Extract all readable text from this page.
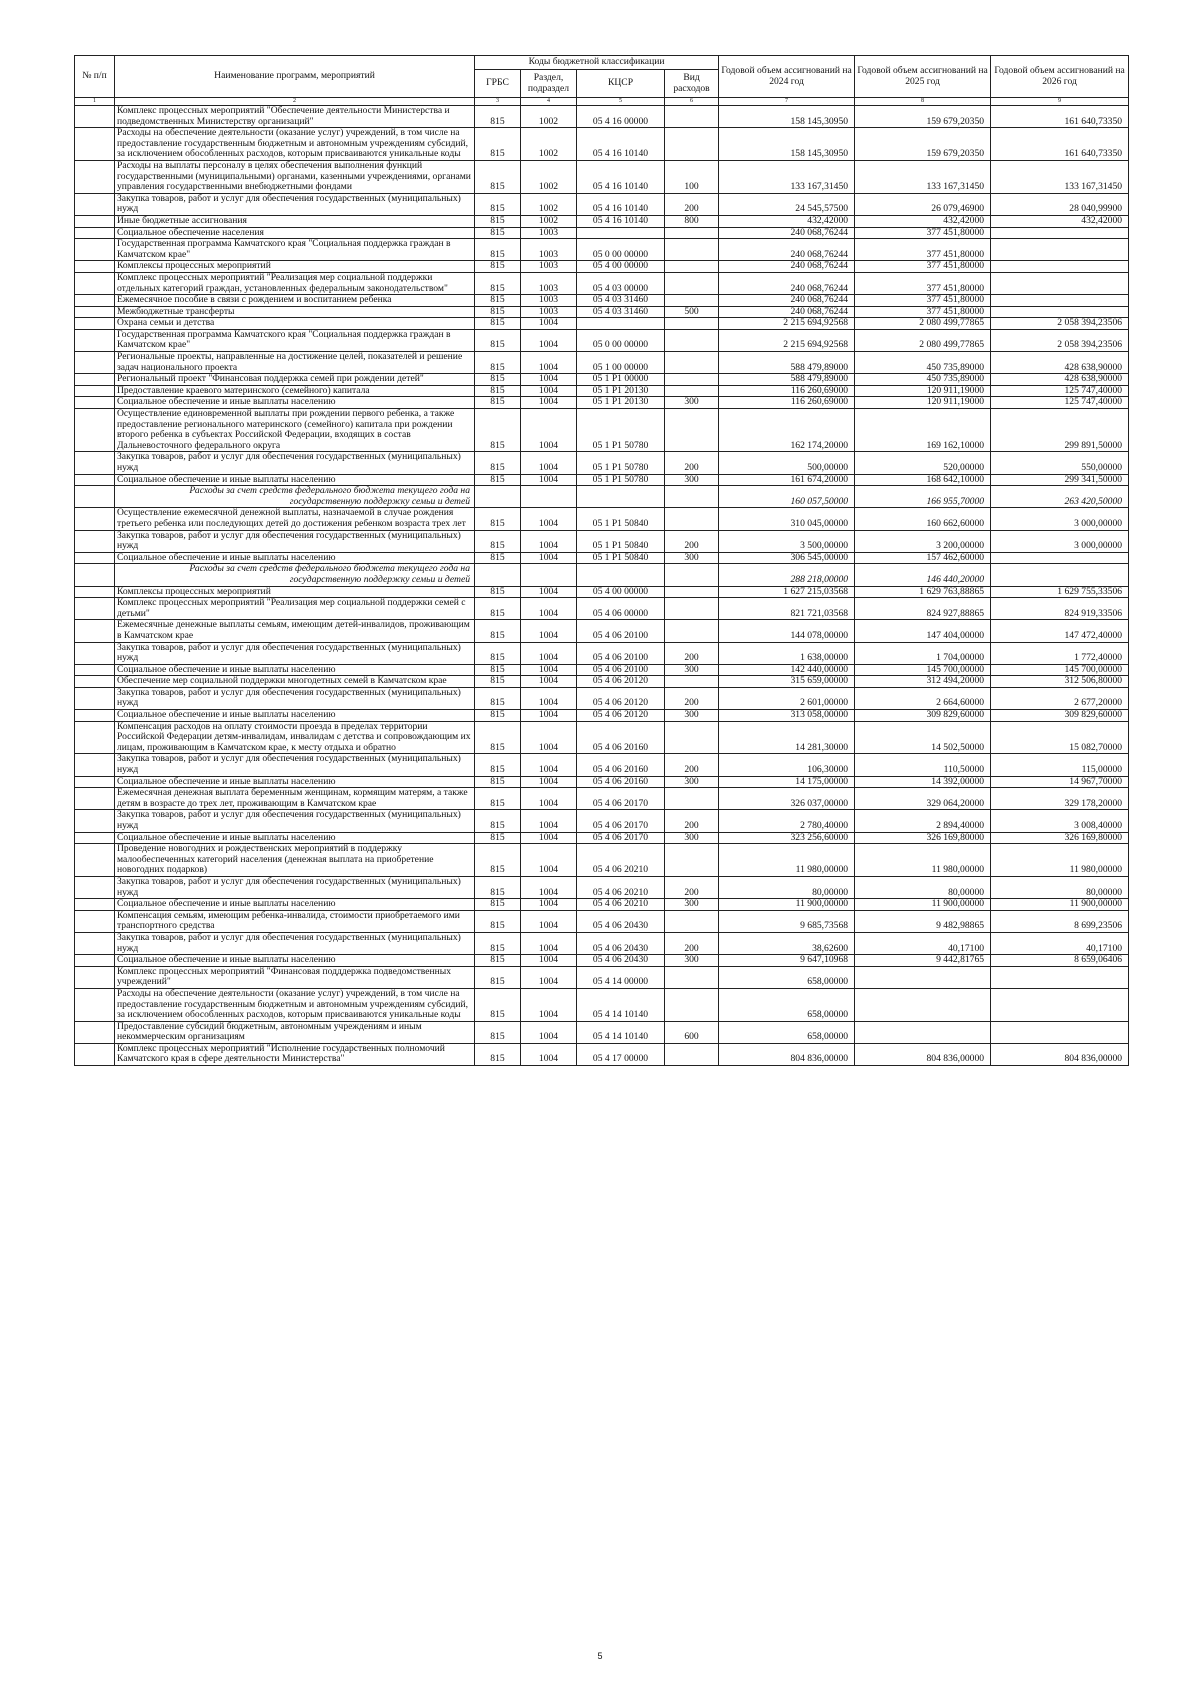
№ п/п	Наименование программ, мероприятий	Коды бюджетной классификации				Годовой объем ассигнований на 2024 год	Годовой объем ассигнований на 2025 год	Годовой объем ассигнований на 2026 год
		ГРБС	Раздел, подраздел	КЦСР	Вид расходов			
1	2	3	4	5	6	7	8	9
	Комплекс процессных мероприятий "Обеспечение деятельности Министерства и подведомственных Министерству организаций"	815	1002	05 4 16 00000		158 145,30950	159 679,20350	161 640,73350
	Расходы на обеспечение деятельности (оказание услуг) учреждений, в том числе на предоставление государственным бюджетным и автономным учреждениям субсидий, за исключением обособленных расходов, которым присваиваются уникальные коды	815	1002	05 4 16 10140		158 145,30950	159 679,20350	161 640,73350
	Расходы на выплаты персоналу в целях обеспечения выполнения функций государственными (муниципальными) органами, казенными учреждениями, органами управления государственными внебюджетными фондами	815	1002	05 4 16 10140	100	133 167,31450	133 167,31450	133 167,31450
	Закупка товаров, работ и услуг для обеспечения государственных (муниципальных) нужд	815	1002	05 4 16 10140	200	24 545,57500	26 079,46900	28 040,99900
	Иные бюджетные ассигнования	815	1002	05 4 16 10140	800	432,42000	432,42000	432,42000
	Социальное обеспечение населения	815	1003			240 068,76244	377 451,80000	
	Государственная программа Камчатского края "Социальная поддержка граждан в Камчатском крае"	815	1003	05 0 00 00000		240 068,76244	377 451,80000	
	Комплексы процессных мероприятий	815	1003	05 4 00 00000		240 068,76244	377 451,80000	
	Комплекс процессных мероприятий "Реализация мер социальной поддержки отдельных категорий граждан, установленных федеральным законодательством"	815	1003	05 4 03 00000		240 068,76244	377 451,80000	
	Ежемесячное пособие в связи с рождением и воспитанием ребенка	815	1003	05 4 03 31460		240 068,76244	377 451,80000	
	Межбюджетные трансферты	815	1003	05 4 03 31460	500	240 068,76244	377 451,80000	
	Охрана семьи и детства	815	1004			2 215 694,92568	2 080 499,77865	2 058 394,23506
	Государственная программа Камчатского края "Социальная поддержка граждан в Камчатском крае"	815	1004	05 0 00 00000		2 215 694,92568	2 080 499,77865	2 058 394,23506
	Региональные проекты, направленные на достижение целей, показателей и решение задач национального проекта	815	1004	05 1 00 00000		588 479,89000	450 735,89000	428 638,90000
	Региональный проект "Финансовая поддержка семей при рождении детей"	815	1004	05 1 P1 00000		588 479,89000	450 735,89000	428 638,90000
	Предоставление краевого материнского (семейного) капитала	815	1004	05 1 P1 20130		116 260,69000	120 911,19000	125 747,40000
	Социальное обеспечение и иные выплаты населению	815	1004	05 1 P1 20130	300	116 260,69000	120 911,19000	125 747,40000
	Осуществление единовременной выплаты при рождении первого ребенка, а также предоставление регионального материнского (семейного) капитала при рождении второго ребенка в субъектах Российской Федерации, входящих в состав Дальневосточного федерального округа	815	1004	05 1 P1 50780		162 174,20000	169 162,10000	299 891,50000
	Закупка товаров, работ и услуг для обеспечения государственных (муниципальных) нужд	815	1004	05 1 P1 50780	200	500,00000	520,00000	550,00000
	Социальное обеспечение и иные выплаты населению	815	1004	05 1 P1 50780	300	161 674,20000	168 642,10000	299 341,50000
	Расходы за счет средств федерального бюджета текущего года на государственную поддержку семьи и детей					160 057,50000	166 955,70000	263 420,50000
	Осуществление ежемесячной денежной выплаты, назначаемой в случае рождения третьего ребенка или последующих детей до достижения ребенком возраста трех лет	815	1004	05 1 P1 50840		310 045,00000	160 662,60000	3 000,00000
	Закупка товаров, работ и услуг для обеспечения государственных (муниципальных) нужд	815	1004	05 1 P1 50840	200	3 500,00000	3 200,00000	3 000,00000
	Социальное обеспечение и иные выплаты населению	815	1004	05 1 P1 50840	300	306 545,00000	157 462,60000	
	Расходы за счет средств федерального бюджета текущего года на государственную поддержку семьи и детей					288 218,00000	146 440,20000	
	Комплексы процессных мероприятий	815	1004	05 4 00 00000		1 627 215,03568	1 629 763,88865	1 629 755,33506
	Комплекс процессных мероприятий "Реализация мер социальной поддержки семей с детьми"	815	1004	05 4 06 00000		821 721,03568	824 927,88865	824 919,33506
	Ежемесячные денежные выплаты семьям, имеющим детей-инвалидов, проживающим в Камчатском крае	815	1004	05 4 06 20100		144 078,00000	147 404,00000	147 472,40000
	Закупка товаров, работ и услуг для обеспечения государственных (муниципальных) нужд	815	1004	05 4 06 20100	200	1 638,00000	1 704,00000	1 772,40000
	Социальное обеспечение и иные выплаты населению	815	1004	05 4 06 20100	300	142 440,00000	145 700,00000	145 700,00000
	Обеспечение мер социальной поддержки многодетных семей в Камчатском крае	815	1004	05 4 06 20120		315 659,00000	312 494,20000	312 506,80000
	Закупка товаров, работ и услуг для обеспечения государственных (муниципальных) нужд	815	1004	05 4 06 20120	200	2 601,00000	2 664,60000	2 677,20000
	Социальное обеспечение и иные выплаты населению	815	1004	05 4 06 20120	300	313 058,00000	309 829,60000	309 829,60000
	Компенсация расходов на оплату стоимости проезда в пределах территории Российской Федерации детям-инвалидам, инвалидам с детства и сопровождающим их лицам, проживающим в Камчатском крае, к месту отдыха и обратно	815	1004	05 4 06 20160		14 281,30000	14 502,50000	15 082,70000
	Закупка товаров, работ и услуг для обеспечения государственных (муниципальных) нужд	815	1004	05 4 06 20160	200	106,30000	110,50000	115,00000
	Социальное обеспечение и иные выплаты населению	815	1004	05 4 06 20160	300	14 175,00000	14 392,00000	14 967,70000
	Ежемесячная денежная выплата беременным женщинам, кормящим матерям, а также детям в возрасте до трех лет, проживающим в Камчатском крае	815	1004	05 4 06 20170		326 037,00000	329 064,20000	329 178,20000
	Закупка товаров, работ и услуг для обеспечения государственных (муниципальных) нужд	815	1004	05 4 06 20170	200	2 780,40000	2 894,40000	3 008,40000
	Социальное обеспечение и иные выплаты населению	815	1004	05 4 06 20170	300	323 256,60000	326 169,80000	326 169,80000
	Проведение новогодних и рождественских мероприятий в поддержку малообеспеченных категорий населения (денежная выплата на приобретение новогодних подарков)	815	1004	05 4 06 20210		11 980,00000	11 980,00000	11 980,00000
	Закупка товаров, работ и услуг для обеспечения государственных (муниципальных) нужд	815	1004	05 4 06 20210	200	80,00000	80,00000	80,00000
	Социальное обеспечение и иные выплаты населению	815	1004	05 4 06 20210	300	11 900,00000	11 900,00000	11 900,00000
	Компенсация семьям, имеющим ребенка-инвалида, стоимости приобретаемого ими транспортного средства	815	1004	05 4 06 20430		9 685,73568	9 482,98865	8 699,23506
	Закупка товаров, работ и услуг для обеспечения государственных (муниципальных) нужд	815	1004	05 4 06 20430	200	38,62600	40,17100	40,17100
	Социальное обеспечение и иные выплаты населению	815	1004	05 4 06 20430	300	9 647,10968	9 442,81765	8 659,06406
	Комплекс процессных мероприятий "Финансовая подддержка подведомственных учреждений"	815	1004	05 4 14 00000		658,00000		
	Расходы на обеспечение деятельности (оказание услуг) учреждений, в том числе на предоставление государственным бюджетным и автономным учреждениям субсидий, за исключением обособленных расходов, которым присваиваются уникальные коды	815	1004	05 4 14 10140		658,00000		
	Предоставление субсидий бюджетным, автономным учреждениям и иным некоммерческим организациям	815	1004	05 4 14 10140	600	658,00000		
	Комплекс процессных мероприятий "Исполнение государственных полномочий Камчатского края в сфере деятельности Министерства"	815	1004	05 4 17 00000		804 836,00000	804 836,00000	804 836,00000
5
